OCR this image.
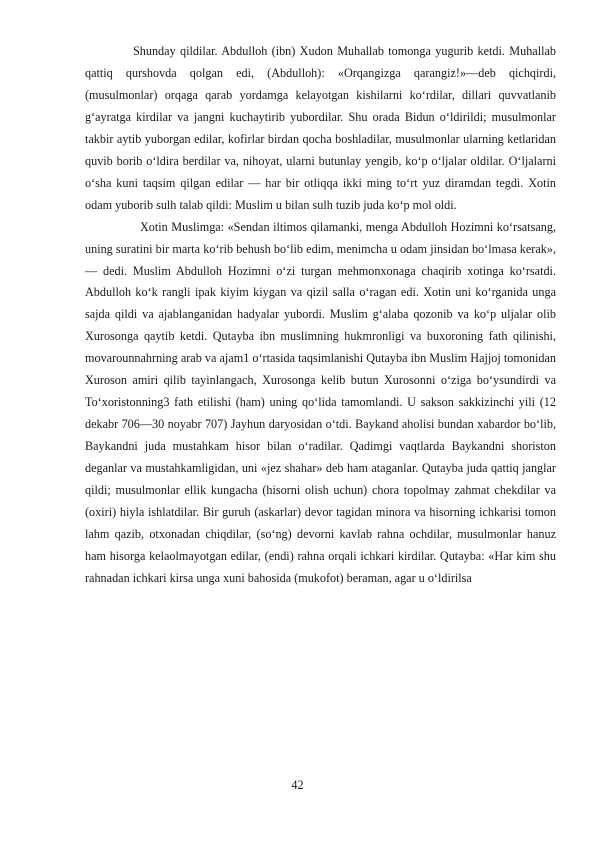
Shunday qildilar. Abdulloh (ibn) Xudon Muhallab tomonga yugurib ketdi. Muhallab qattiq qurshovda qolgan edi, (Abdulloh): «Orqangizga qarangiz!»—deb qichqirdi, (musulmonlar) orqaga qarab yordamga kelayotgan kishilarni ko‘rdilar, dillari quvvatlanib g‘ayratga kirdilar va jangni kuchaytirib yubordilar. Shu orada Bidun o‘ldirildi; musulmonlar takbir aytib yuborgan edilar, kofirlar birdan qocha boshladilar, musulmonlar ularning ketlaridan quvib borib o‘ldira berdilar va, nihoyat, ularni butunlay yengib, ko‘p o‘ljalar oldilar. O‘ljalarni o‘sha kuni taqsim qilgan edilar — har bir otliqqa ikki ming to‘rt yuz diramdan tegdi. Xotin odam yuborib sulh talab qildi: Muslim u bilan sulh tuzib juda ko‘p mol oldi.

Xotin Muslimga: «Sendan iltimos qilamanki, menga Abdulloh Hozimni ko‘rsatsang, uning suratini bir marta ko‘rib behush bo‘lib edim, menimcha u odam jinsidan bo‘lmasa kerak»,— dedi. Muslim Abdulloh Hozimni o‘zi turgan mehmonxonaga chaqirib xotinga ko‘rsatdi. Abdulloh ko‘k rangli ipak kiyim kiygan va qizil salla o‘ragan edi. Xotin uni ko‘rganida unga sajda qildi va ajablanganidan hadyalar yubordi. Muslim g‘alaba qozonib va ko‘p uljalar olib Xurosonga qaytib ketdi. Qutayba ibn muslimning hukmronligi va buxoroning fath qilinishi, movarounnahrning arab va ajam1 o‘rtasida taqsimlanishi Qutayba ibn Muslim Hajjoj tomonidan Xuroson amiri qilib tayinlangach, Xurosonga kelib butun Xurosonni o‘ziga bo‘ysundirdi va To‘xoristonning3 fath etilishi (ham) uning qo‘lida tamomlandi. U sakson sakkizinchi yili (12 dekabr 706—30 noyabr 707) Jayhun daryosidan o‘tdi. Baykand aholisi bundan xabardor bo‘lib, Baykandni juda mustahkam hisor bilan o‘radilar. Qadimgi vaqtlarda Baykandni shoriston deganlar va mustahkamligidan, uni «jez shahar» deb ham ataganlar. Qutayba juda qattiq janglar qildi; musulmonlar ellik kungacha (hisorni olish uchun) chora topolmay zahmat chekdilar va (oxiri) hiyla ishlatdilar. Bir guruh (askarlar) devor tagidan minora va hisorning ichkarisi tomon lahm qazib, otxonadan chiqdilar, (so‘ng) devorni kavlab rahna ochdilar, musulmonlar hanuz ham hisorga kelaolmayotgan edilar, (endi) rahna orqali ichkari kirdilar. Qutayba: «Har kim shu rahnadan ichkari kirsa unga xuni bahosida (mukofot) beraman, agar u o‘ldirilsa

42
